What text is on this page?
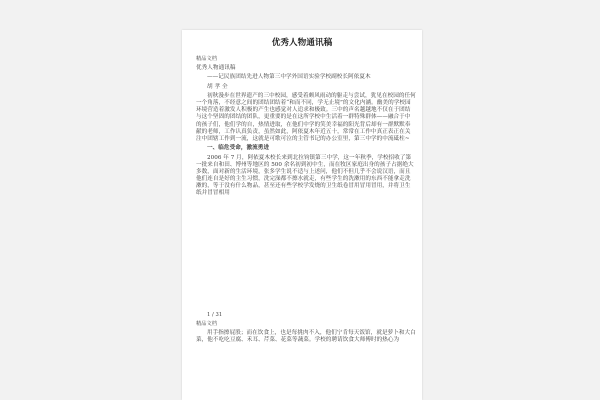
优秀人物通讯稿

精品文档

优秀人物通讯稿

——记民族团结先进人物第三中学外国语实验学校副校长阿依夏木

胡 孝 全

初秋漫步在世界遗产的三中校园，感受着颇风雨动的躯走与尝试，犹见在校园的任何一个角落，不经意之间的团结团结着“和而不同，学无止境”的文化内涵。幽美的学校园环境营造着激发人积极的产生也感觉对人追求和极致。三中的声名越越地不仅在于团结与这个坚固的团结的团队，更重要的是在这所学校中生活着一群特殊群体——融合于中的孩子们，他们学的自，热情进取，在他们中学的笑美幸福的阳光背后却有一群默默奉献的老师，工作认真负责，虽然如此，阿依夏木年近五十，常常在工作中真正表正在关注中团辖工作到一流，这就是可歌可泣的主管书记的办公室里，第三中学的中流砥柱~

一、临危受命，激流勇进

2006 年 7 月，阿依夏木校长来到北拉钧镇第三中学，这一年秋季，学校招收了第一批来自和田、博州等地区的 500 余名初到初中生，而在牧区家庭出身的孩子占据绝大多数，面对新的生活环境，张多学生说不适与上述问，他们不但几乎不会说汉语，而且他们连自是好的主生习惯，洗完澡都不擦水就走，有些学生的洗漱用的东西不能拿走洗漱的，等于没有什么物品，甚至还有些学校学发烧的卫生纸卷冒用冒用冒用，并将卫生纸并冒冒相用

1 / 31

精品文档

用手指擦屁股；而在饮食上，也是每挑肉不入，他们宁肯每天饭馆，就是萝卜和大白菜，他不吃吃豆腐、禾耳、芹菜、花菜等蔬菜。学校的聘请饮食大师傅时的热心为
